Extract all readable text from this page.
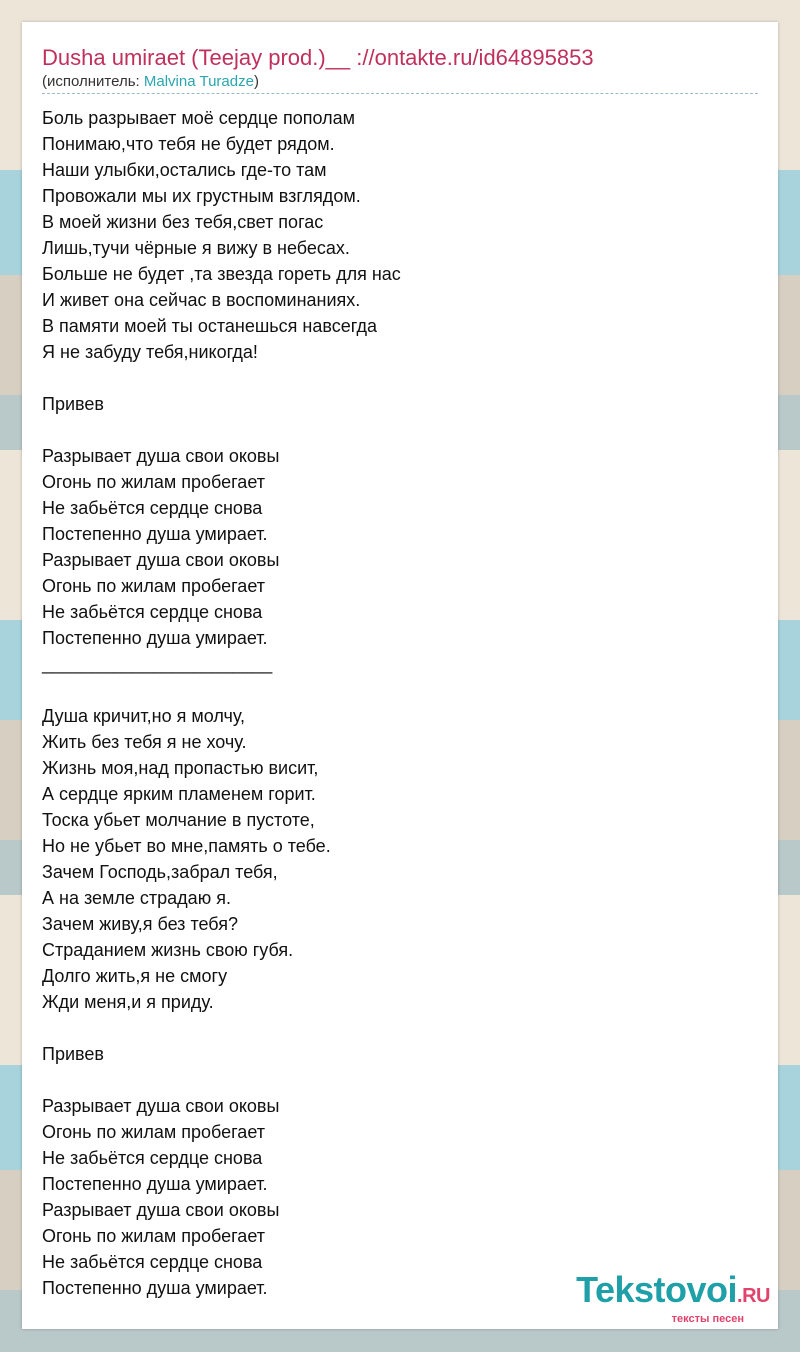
Dusha umiraet (Teejay prod.)__ ://ontakte.ru/id64895853
(исполнитель: Malvina Turadze)
Боль разрывает моё сердце пополам
Понимаю,что тебя не будет рядом.
Наши улыбки,остались где-то там
Провожали мы их грустным взглядом.
В моей жизни без тебя,свет погас
Лишь,тучи чёрные я вижу в небесах.
Больше не будет ,та звезда гореть для нас
И живет она сейчас в воспоминаниях.
В памяти моей ты останешься навсегда
Я не забуду тебя,никогда!
Привев
Разрывает душа свои оковы
Огонь по жилам пробегает
Не забьётся сердце снова
Постепенно душа умирает.
Разрывает душа свои оковы
Огонь по жилам пробегает
Не забьётся сердце снова
Постепенно душа умирает.
_______________________
Душа кричит,но я молчу,
Жить без тебя я не хочу.
Жизнь моя,над пропастью висит,
А сердце ярким пламенем горит.
Тоска убьет молчание в пустоте,
Но не убьет во мне,память о тебе.
Зачем Господь,забрал тебя,
А на земле страдаю я.
Зачем живу,я без тебя?
Страданием жизнь свою губя.
Долго жить,я не смогу
Жди меня,и я приду.
Привев
Разрывает душа свои оковы
Огонь по жилам пробегает
Не забьётся сердце снова
Постепенно душа умирает.
Разрывает душа свои оковы
Огонь по жилам пробегает
Не забьётся сердце снова
Постепенно душа умирает.	Tekstovoi.RU
тексты песен
